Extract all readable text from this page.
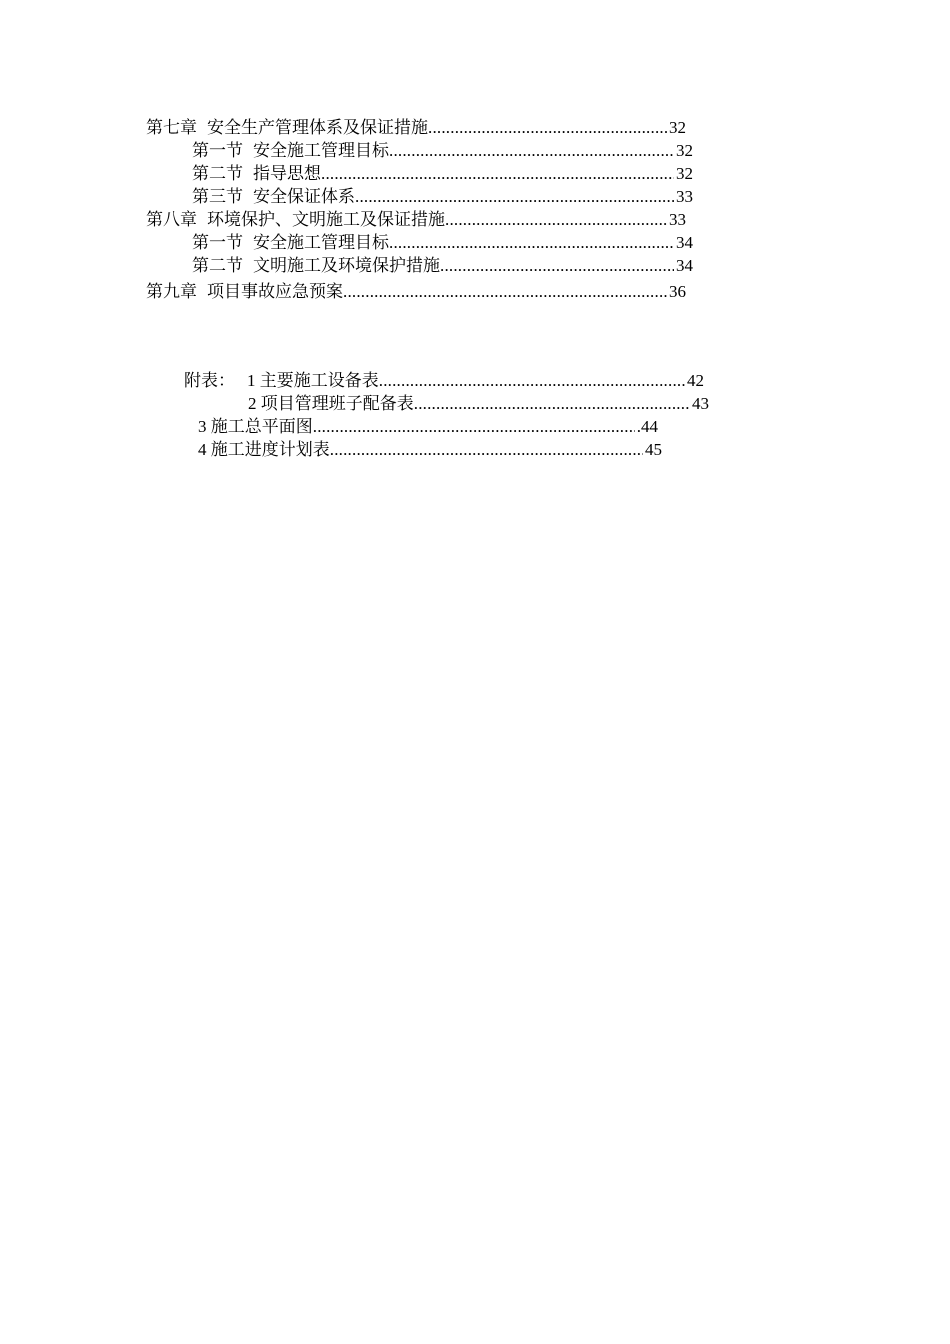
第七章 安全生产管理体系及保证措施 .....	32
第一节 安全施工管理目标 .....	32
第二节 指导思想 .....	32
第三节 安全保证体系 .....	33
第八章 环境保护、文明施工及保证措施 .....	33
第一节 安全施工管理目标 .....	34
第二节 文明施工及环境保护措施 .....	34
第九章 项目事故应急预案 .....	36
附表： 1 主要施工设备表 .....	42
2 项目管理班子配备表 .....	43
3 施工总平面图 .....	.44
4 施工进度计划表 .....	45
